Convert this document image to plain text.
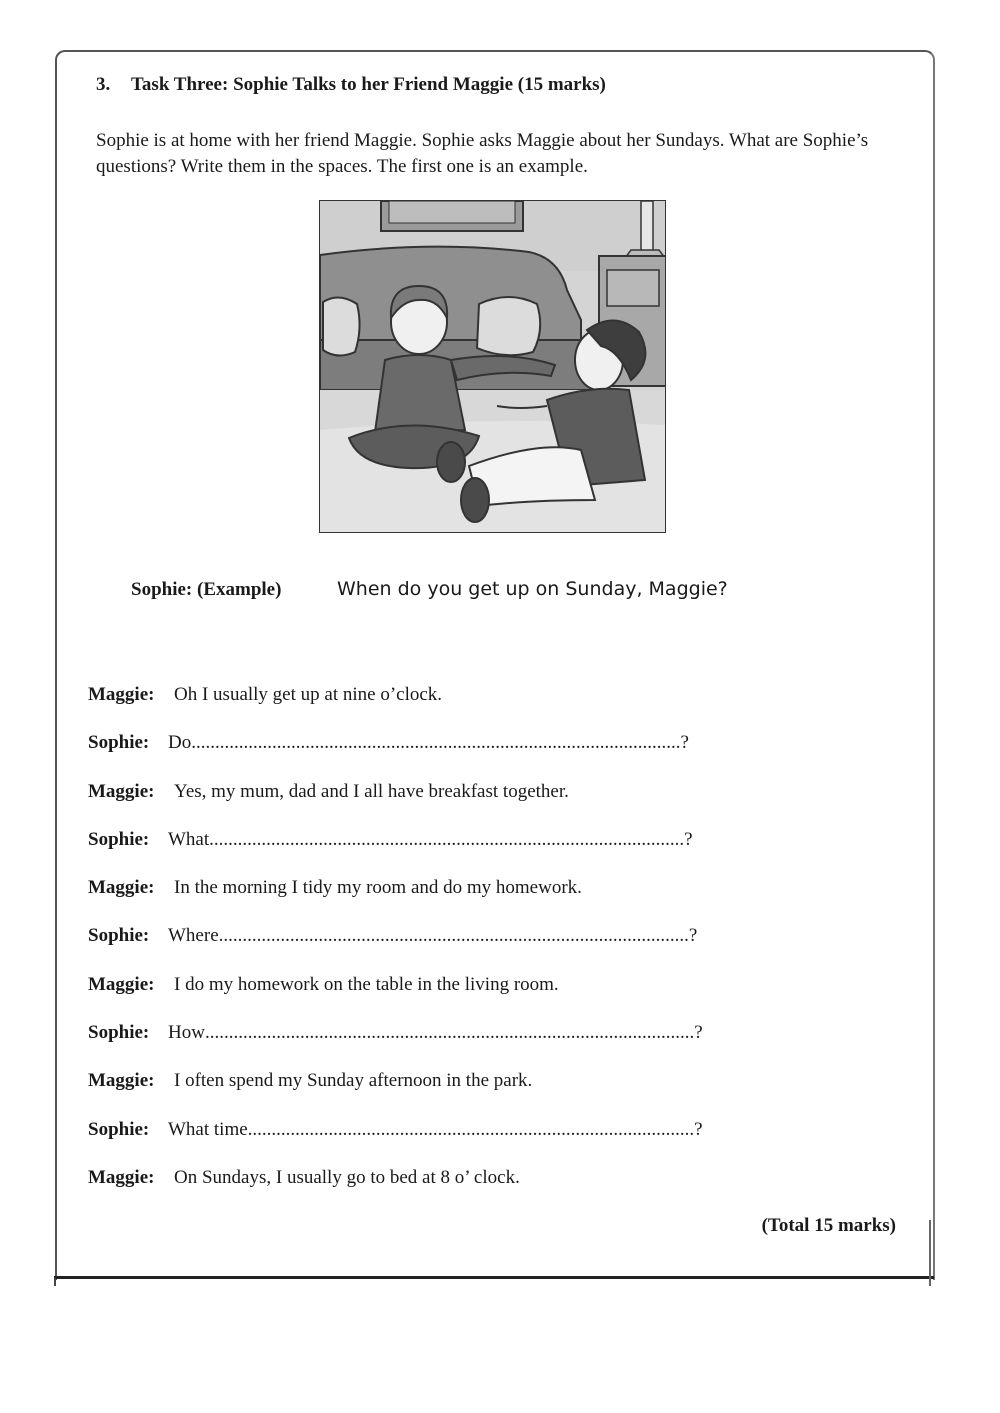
3. Task Three: Sophie Talks to her Friend Maggie (15 marks)
Sophie is at home with her friend Maggie. Sophie asks Maggie about her Sundays. What are Sophie’s questions? Write them in the spaces. The first one is an example.
Sophie: (Example)	When do you get up on Sunday, Maggie?
Maggie:	Oh I usually get up at nine o’clock.
Sophie: Do ....................................................................................................... ?
Maggie:	Yes, my mum, dad and I all have breakfast together.
Sophie: What .................................................................................................... ?
Maggie:	In the morning I tidy my room and do my homework.
Sophie: Where ................................................................................................... ?
Maggie:	I do my homework on the table in the living room.
Sophie: How ....................................................................................................... ?
Maggie:	I often spend my Sunday afternoon in the park.
Sophie: What time .............................................................................................. ?
Maggie:	On Sundays, I usually go to bed at 8 o’ clock.
(Total 15 marks)
